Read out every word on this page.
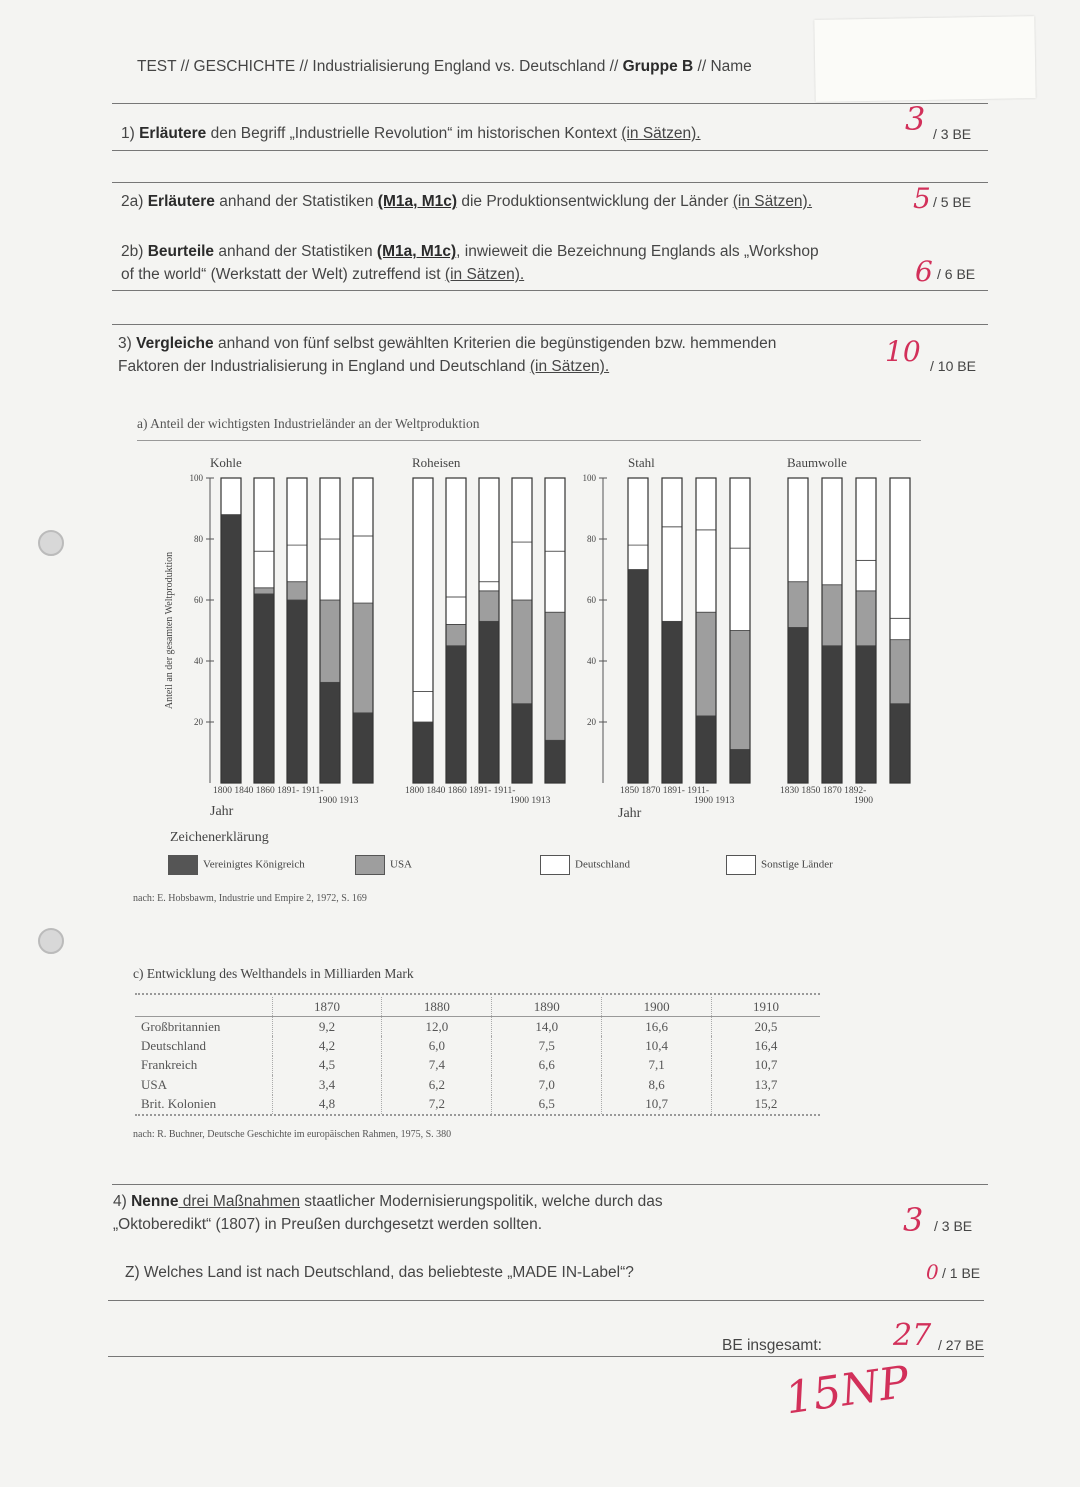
TEST // GESCHICHTE // Industrialisierung England vs. Deutschland // Gruppe B // Name
1) Erläutere den Begriff „Industrielle Revolution“ im historischen Kontext (in Sätzen).	3 / 3 BE
2a) Erläutere anhand der Statistiken (M1a, M1c) die Produktionsentwicklung der Länder (in Sätzen).	5 / 5 BE
2b) Beurteile anhand der Statistiken (M1a, M1c), inwieweit die Bezeichnung Englands als „Workshop
of the world“ (Werkstatt der Welt) zutreffend ist (in Sätzen).	6 / 6 BE
3) Vergleiche anhand von fünf selbst gewählten Kriterien die begünstigenden bzw. hemmenden
Faktoren der Industrialisierung in England und Deutschland (in Sätzen).	10 / 10 BE
a) Anteil der wichtigsten Industrieländer an der Weltproduktion
Anteil an der gesamten Weltproduktion
100
80
60
40
20
100
80
60
40
20
Kohle
1800 1840 1860 1891- 1911-
1900 1913
Roheisen
1800 1840 1860 1891- 1911-
1900 1913
Stahl
1850 1870 1891- 1911-
1900 1913
Baumwolle
1830 1850 1870 1892-
1900
Jahr	Jahr
Zeichenerklärung
Vereinigtes Königreich	USA	Deutschland	Sonstige Länder
nach: E. Hobsbawm, Industrie und Empire 2, 1972, S. 169
c) Entwicklung des Welthandels in Milliarden Mark
	1870	1880	1890	1900	1910
Großbritannien	9,2	12,0	14,0	16,6	20,5
Deutschland	4,2	6,0	7,5	10,4	16,4
Frankreich	4,5	7,4	6,6	7,1	10,7
USA	3,4	6,2	7,0	8,6	13,7
Brit. Kolonien	4,8	7,2	6,5	10,7	15,2
nach: R. Buchner, Deutsche Geschichte im europäischen Rahmen, 1975, S. 380
4) Nenne drei Maßnahmen staatlicher Modernisierungspolitik, welche durch das
„Oktoberedikt“ (1807) in Preußen durchgesetzt werden sollten.	3 / 3 BE
Z) Welches Land ist nach Deutschland, das beliebteste „MADE IN-Label“?	0 / 1 BE
BE insgesamt: 27 / 27 BE
15NP
